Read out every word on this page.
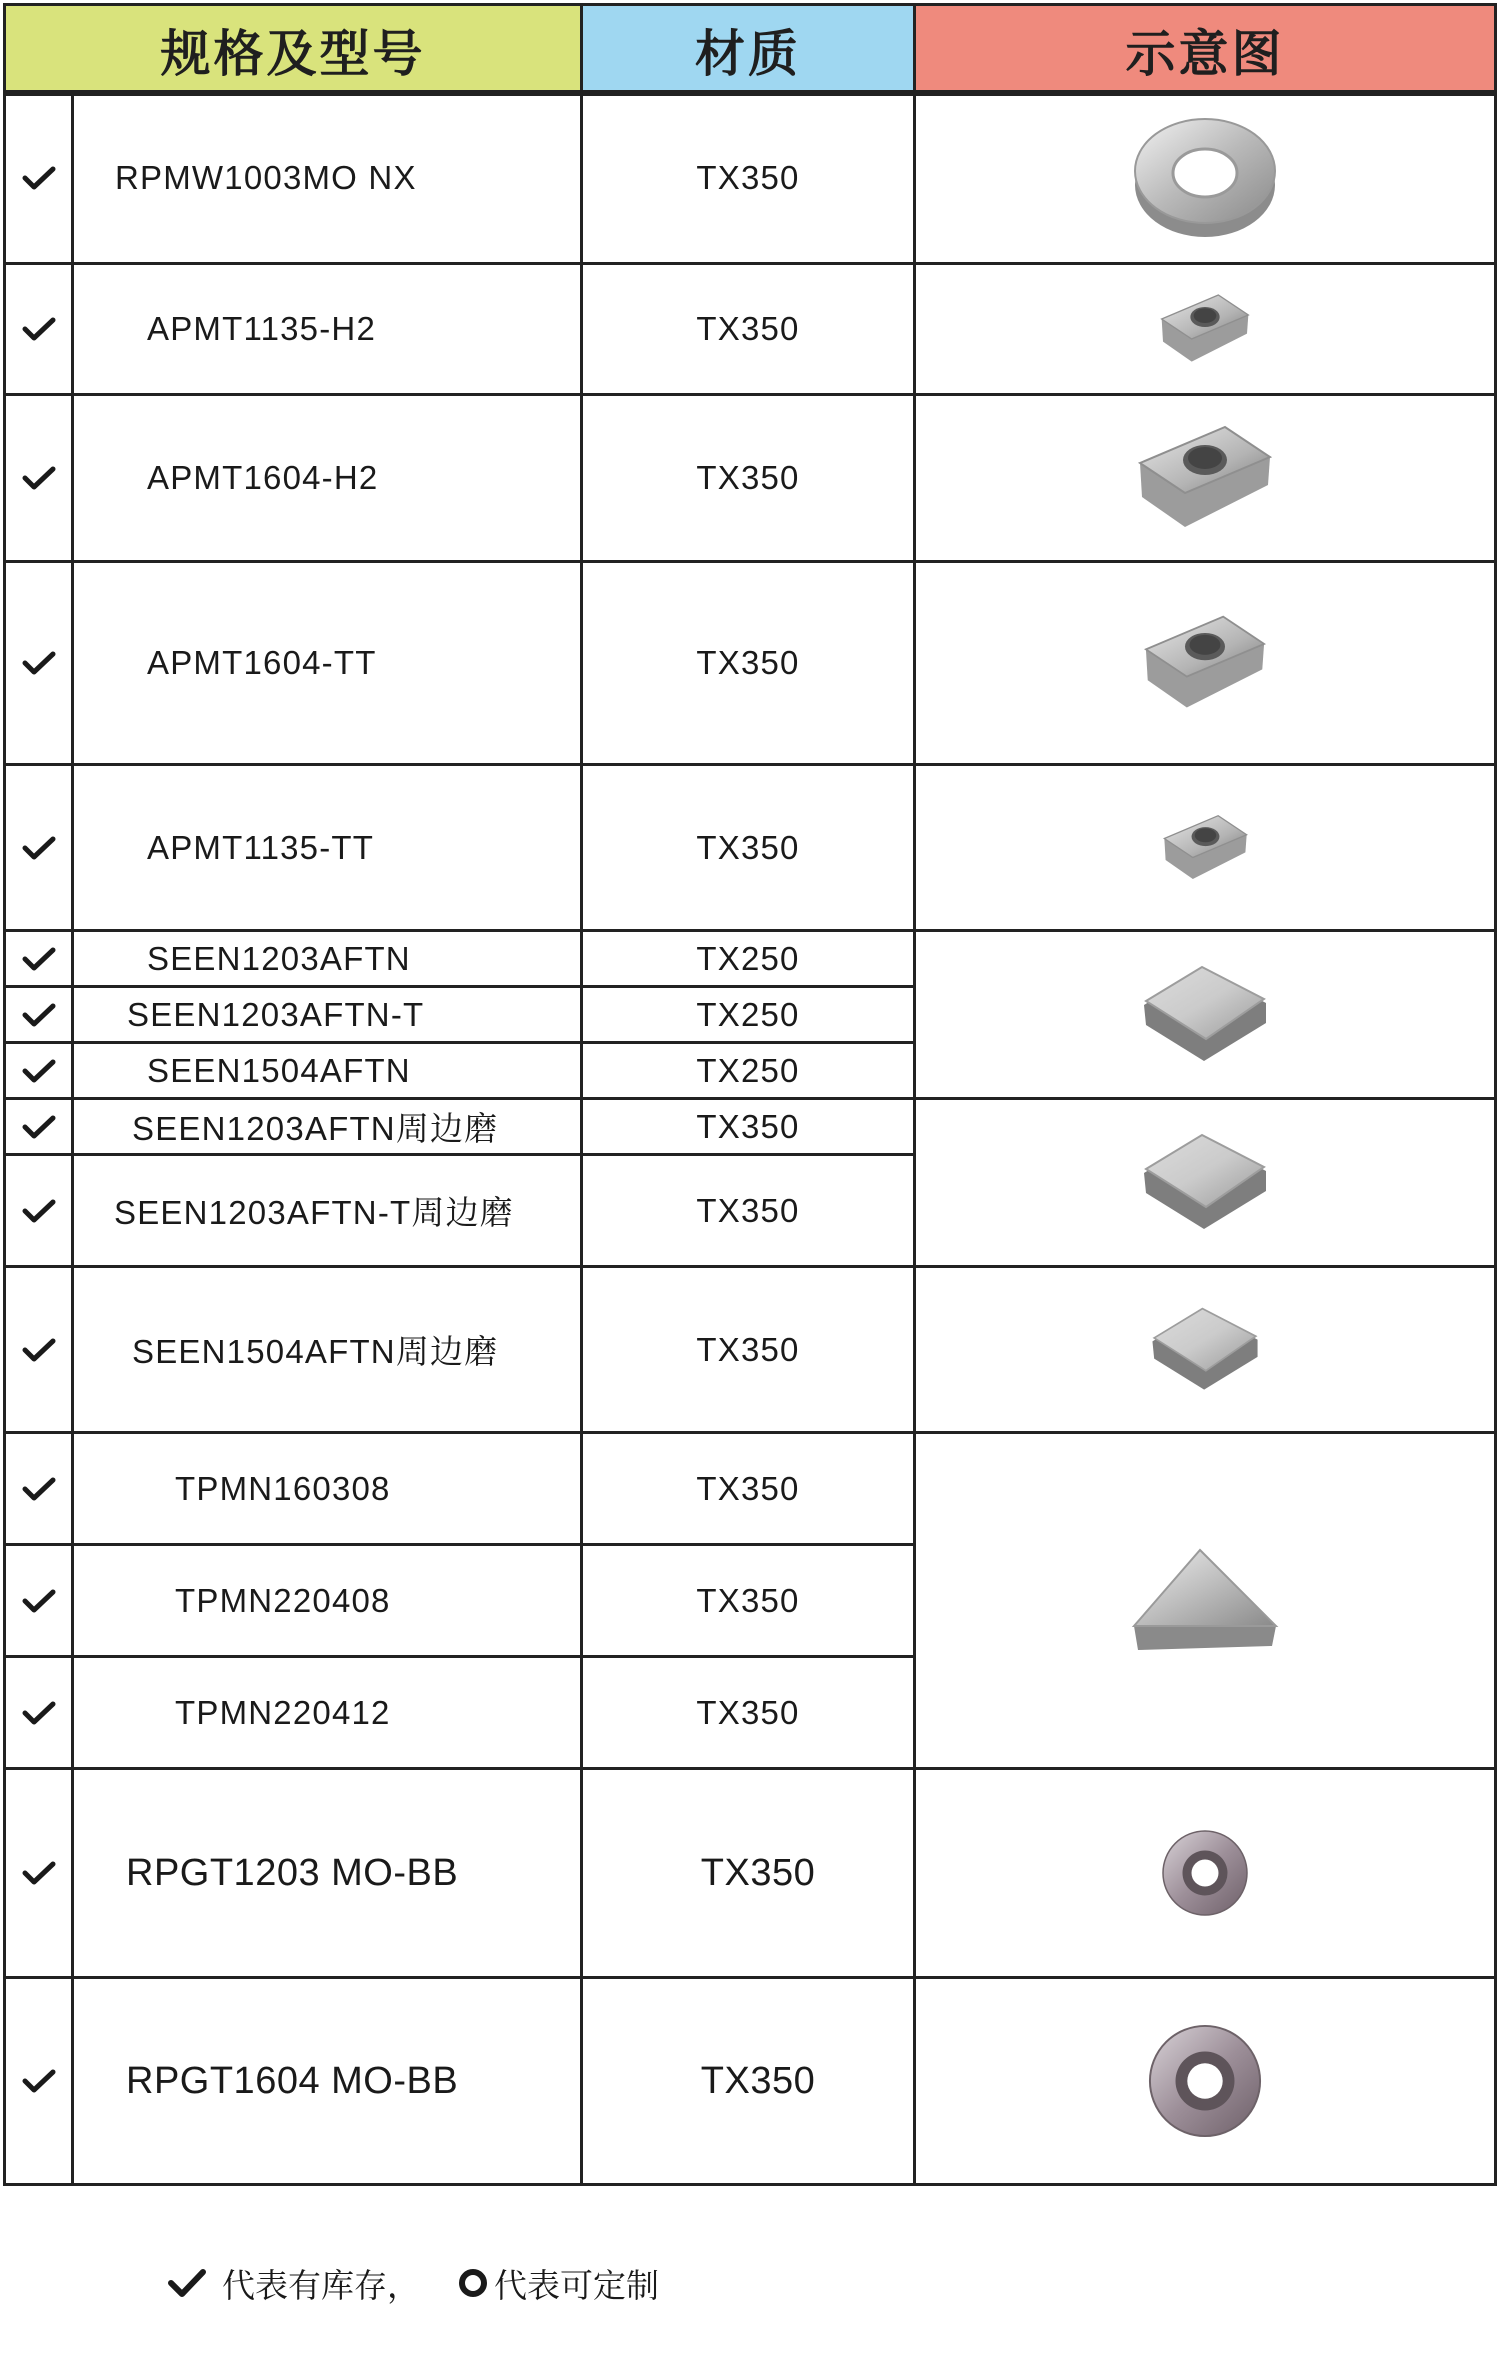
规格及型号	材质	示意图
RPMW1003MO NX	TX350
APMT1135-H2	TX350
APMT1604-H2	TX350
APMT1604-TT	TX350
APMT1135-TT	TX350
SEEN1203AFTN	TX250
SEEN1203AFTN-T	TX250
SEEN1504AFTN	TX250
SEEN1203AFTN周边磨	TX350
SEEN1203AFTN-T周边磨	TX350
SEEN1504AFTN周边磨	TX350
TPMN160308	TX350
TPMN220408	TX350
TPMN220412	TX350
RPGT1203 MO-BB	TX350
RPGT1604 MO-BB	TX350
代表有库存， 代表可定制
